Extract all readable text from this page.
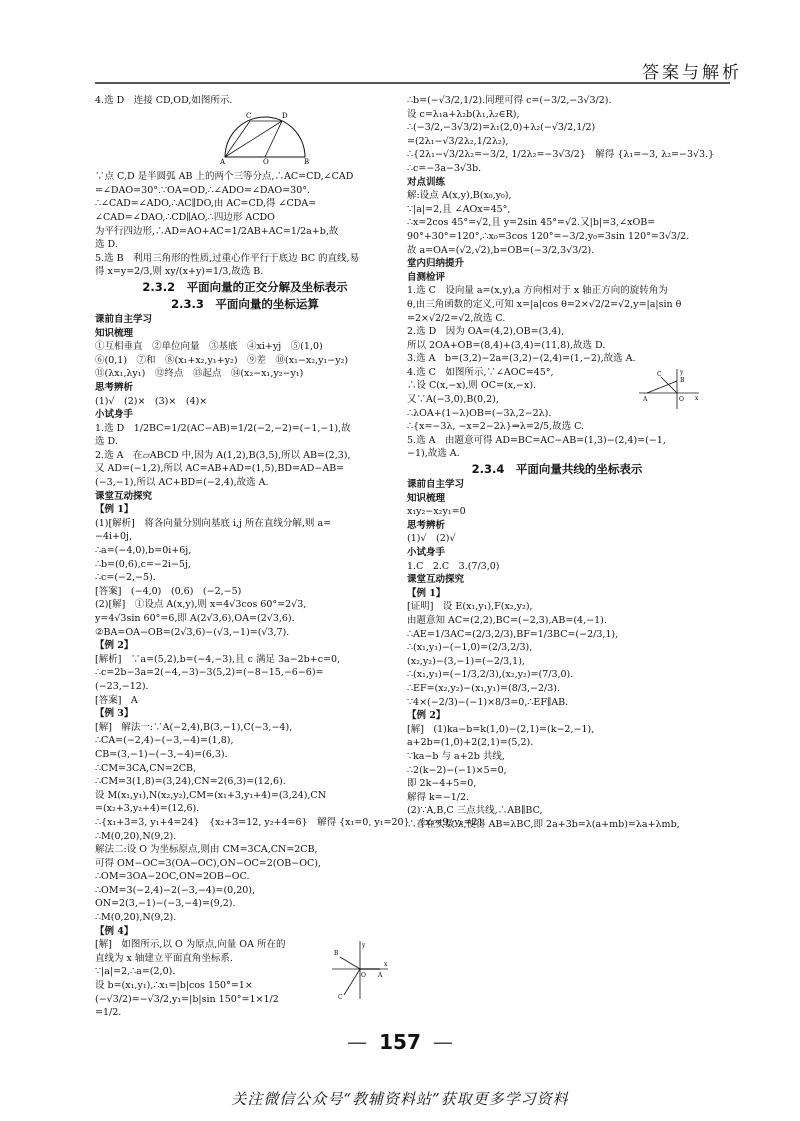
答案与解析
4.选 D　连接 CD,OD,如图所示.
C	D
A	O	B
∵点 C,D 是半圆弧 AB 上的两个三等分点,∴AC=CD,∠CAD
=∠DAO=30°.∵OA=OD,∴∠ADO=∠DAO=30°.
∴∠CAD=∠ADO,∴AC∥DO,由 AC=CD,得 ∠CDA=
∠CAD=∠DAO,∴CD∥AO,∴四边形 ACDO
为平行四边形,∴AD=AO+AC=1/2AB+AC=1/2a+b,故
选 D.
5.选 B　利用三角形的性质,过重心作平行于底边 BC 的直线,易
得 x=y=2/3,则 xy/(x+y)=1/3,故选 B.
2.3.2　平面向量的正交分解及坐标表示
2.3.3　平面向量的坐标运算
课前自主学习
知识梳理
①互相垂直　②单位向量　③基底　④xi+yj　⑤(1,0)
⑥(0,1)　⑦和　⑧(x₁+x₂,y₁+y₂)　⑨差　⑩(x₁−x₂,y₁−y₂)
⑪(λx₁,λy₁)　⑫终点　⑬起点　⑭(x₂−x₁,y₂−y₁)
思考辨析
(1)√　(2)×　(3)×　(4)×
小试身手
1.选 D　1/2BC=1/2(AC−AB)=1/2(−2,−2)=(−1,−1),故
选 D.
2.选 A　在▱ABCD 中,因为 A(1,2),B(3,5),所以 AB=(2,3),
又 AD=(−1,2),所以 AC=AB+AD=(1,5),BD=AD−AB=
(−3,−1),所以 AC+BD=(−2,4),故选 A.
课堂互动探究
【例 1】
(1)[解析]　将各向量分别向基底 i,j 所在直线分解,则 a=
−4i+0j,
∴a=(−4,0),b=0i+6j,
∴b=(0,6),c=−2i−5j,
∴c=(−2,−5).
[答案]　(−4,0)　(0,6)　(−2,−5)
(2)[解]　①设点 A(x,y),则 x=4√3cos 60°=2√3,
y=4√3sin 60°=6,即 A(2√3,6),OA=(2√3,6).
②BA=OA−OB=(2√3,6)−(√3,−1)=(√3,7).
【例 2】
[解析]　∵a=(5,2),b=(−4,−3),且 c 满足 3a−2b+c=0,
∴c=2b−3a=2(−4,−3)−3(5,2)=(−8−15,−6−6)=
(−23,−12).
[答案]　A
【例 3】
[解]　解法一:∵A(−2,4),B(3,−1),C(−3,−4),
∴CA=(−2,4)−(−3,−4)=(1,8),
CB=(3,−1)−(−3,−4)=(6,3).
∴CM=3CA,CN=2CB,
∴CM=3(1,8)=(3,24),CN=2(6,3)=(12,6).
设 M(x₁,y₁),N(x₂,y₂),CM=(x₁+3,y₁+4)=(3,24),CN
=(x₂+3,y₂+4)=(12,6).
∴{x₁+3=3, y₁+4=24}　{x₂+3=12, y₂+4=6}　解得 {x₁=0, y₁=20}　{x₂=9, y₂=2}
∴M(0,20),N(9,2).
解法二:设 O 为坐标原点,则由 CM=3CA,CN=2CB,
可得 OM−OC=3(OA−OC),ON−OC=2(OB−OC),
∴OM=3OA−2OC,ON=2OB−OC.
∴OM=3(−2,4)−2(−3,−4)=(0,20),
ON=2(3,−1)−(−3,−4)=(9,2).
∴M(0,20),N(9,2).
【例 4】
B
A
O
C
y
x
[解]　如图所示,以 O 为原点,向量 OA 所在的
直线为 x 轴建立平面直角坐标系.
∵|a|=2,∴a=(2,0).
设 b=(x₁,y₁),∴x₁=|b|cos 150°=1×
(−√3/2)=−√3/2,y₁=|b|sin 150°=1×1/2
=1/2.
∴b=(−√3/2,1/2).同理可得 c=(−3/2,−3√3/2).
设 c=λ₁a+λ₂b(λ₁,λ₂∈R),
∴(−3/2,−3√3/2)=λ₁(2,0)+λ₂(−√3/2,1/2)
=(2λ₁−√3/2λ₂,1/2λ₂),
∴{2λ₁−√3/2λ₂=−3/2, 1/2λ₂=−3√3/2}　解得 {λ₁=−3, λ₂=−3√3.}
∴c=−3a−3√3b.
对点训练
解:设点 A(x,y),B(x₀,y₀),
∵|a|=2,且 ∠AOx=45°,
∴x=2cos 45°=√2,且 y=2sin 45°=√2.又|b|=3,∠xOB=
90°+30°=120°,∴x₀=3cos 120°=−3/2,y₀=3sin 120°=3√3/2.
故 a=OA=(√2,√2),b=OB=(−3/2,3√3/2).
堂内归纳提升
自测检评
1.选 C　设向量 a=(x,y),a 方向相对于 x 轴正方向的旋转角为
θ,由三角函数的定义,可知 x=|a|cos θ=2×√2/2=√2,y=|a|sin θ
=2×√2/2=√2,故选 C.
2.选 D　因为 OA=(4,2),OB=(3,4),
所以 2OA+OB=(8,4)+(3,4)=(11,8),故选 D.
3.选 A　b=(3,2)−2a=(3,2)−(2,4)=(1,−2),故选 A.
C
A	O
B
x
y
4.选 C　如图所示,∵∠AOC=45°,
∴设 C(x,−x),则 OC=(x,−x).
又∵A(−3,0),B(0,2),
∴λOA+(1−λ)OB=(−3λ,2−2λ).
∴{x=−3λ, −x=2−2λ}⇒λ=2/5,故选 C.
5.选 A　由题意可得 AD=BC=AC−AB=(1,3)−(2,4)=(−1,
−1),故选 A.
2.3.4　平面向量共线的坐标表示
课前自主学习
知识梳理
x₁y₂−x₂y₁=0
思考辨析
(1)√　(2)√
小试身手
1.C　2.C　3.(7/3,0)
课堂互动探究
【例 1】
[证明]　设 E(x₁,y₁),F(x₂,y₂),
由题意知 AC=(2,2),BC=(−2,3),AB=(4,−1).
∴AE=1/3AC=(2/3,2/3),BF=1/3BC=(−2/3,1),
∴(x₁,y₁)−(−1,0)=(2/3,2/3),
(x₂,y₂)−(3,−1)=(−2/3,1),
∴(x₁,y₁)=(−1/3,2/3),(x₂,y₂)=(7/3,0).
∴EF=(x₂,y₂)−(x₁,y₁)=(8/3,−2/3).
∵4×(−2/3)−(−1)×8/3=0,∴EF∥AB.
【例 2】
[解]　(1)ka−b=k(1,0)−(2,1)=(k−2,−1),
a+2b=(1,0)+2(2,1)=(5,2).
∵ka−b 与 a+2b 共线,
∴2(k−2)−(−1)×5=0,
即 2k−4+5=0,
解得 k=−1/2.
(2)∵A,B,C 三点共线,∴AB∥BC,
∴存在实数 λ,使得 AB=λBC,即 2a+3b=λ(a+mb)=λa+λmb,
— 157 —
关注微信公众号“教辅资料站”获取更多学习资料
